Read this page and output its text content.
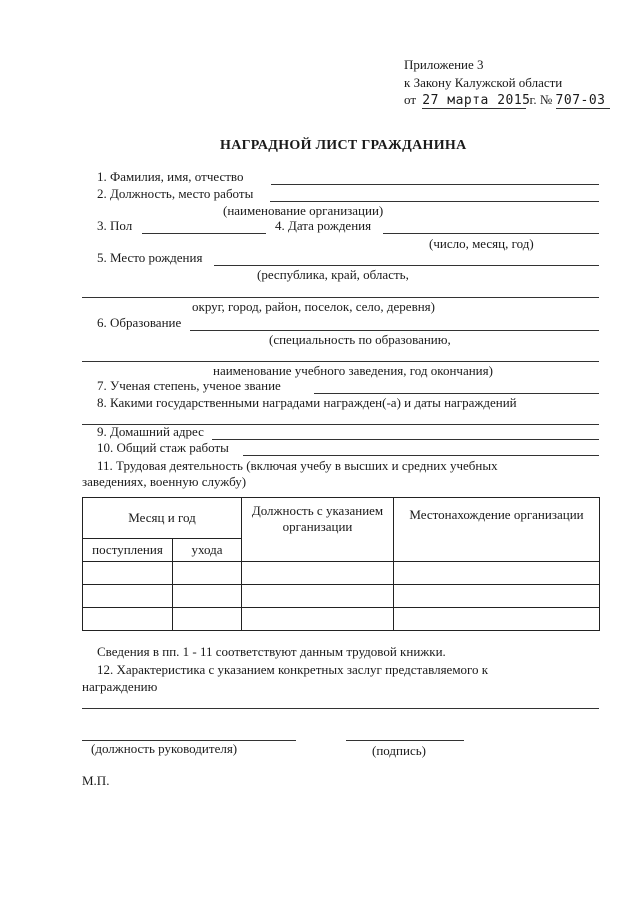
Приложение 3
к Закону Калужской области
от 27 марта 2015 г. № 707-03
НАГРАДНОЙ ЛИСТ ГРАЖДАНИНА
1. Фамилия, имя, отчество
2. Должность, место работы
(наименование организации)
3. Пол	4. Дата рождения
(число, месяц, год)
5. Место рождения
(республика, край, область,
округ, город, район, поселок, село, деревня)
6. Образование
(специальность по образованию,
наименование учебного заведения, год окончания)
7. Ученая степень, ученое звание
8. Какими государственными наградами награжден(-а) и даты награждений
9. Домашний адрес
10. Общий стаж работы
11. Трудовая деятельность (включая учебу в высших и средних учебных
заведениях, военную службу)
Месяц и год		Должность с указанием организации	Местонахождение организации
поступления	ухода		

Сведения в пп. 1 - 11 соответствуют данным трудовой книжки.
12. Характеристика с указанием конкретных заслуг представляемого к
награждению
(должность руководителя)	(подпись)
М.П.
